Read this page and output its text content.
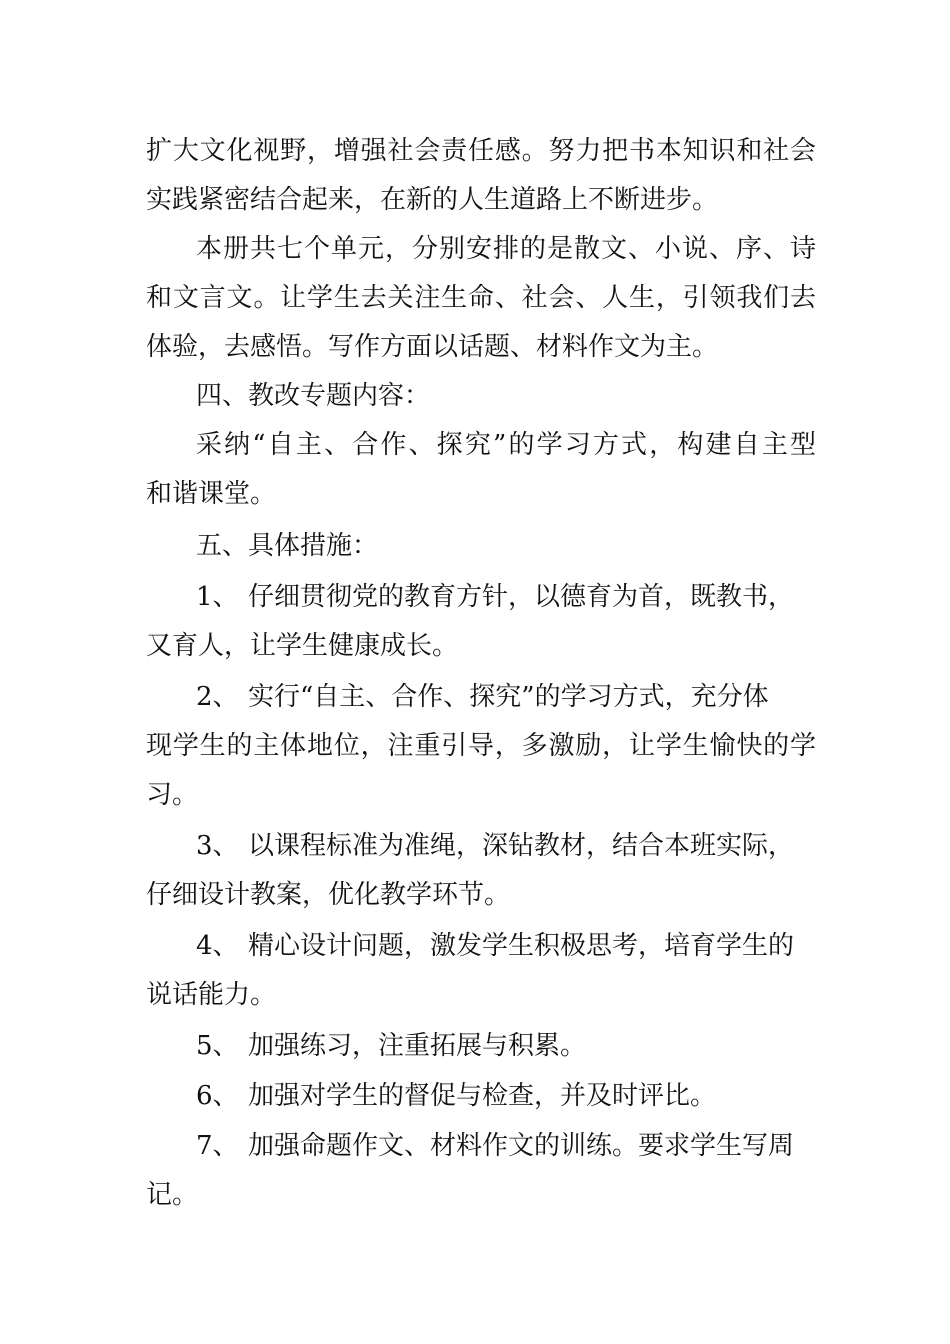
扩大文化视野，增强社会责任感。努力把书本知识和社会
实践紧密结合起来，在新的人生道路上不断进步。
本册共七个单元，分别安排的是散文、小说、序、诗
和文言文。让学生去关注生命、社会、人生，引领我们去
体验，去感悟。写作方面以话题、材料作文为主。
四、教改专题内容：
采纳“自主、合作、探究”的学习方式，构建自主型
和谐课堂。
五、具体措施：
1、 仔细贯彻党的教育方针，以德育为首，既教书，
又育人，让学生健康成长。
2、 实行“自主、合作、探究”的学习方式，充分体
现学生的主体地位，注重引导，多激励，让学生愉快的学
习。
3、 以课程标准为准绳，深钻教材，结合本班实际，
仔细设计教案，优化教学环节。
4、 精心设计问题，激发学生积极思考，培育学生的
说话能力。
5、 加强练习，注重拓展与积累。
6、 加强对学生的督促与检查，并及时评比。
7、 加强命题作文、材料作文的训练。要求学生写周
记。
